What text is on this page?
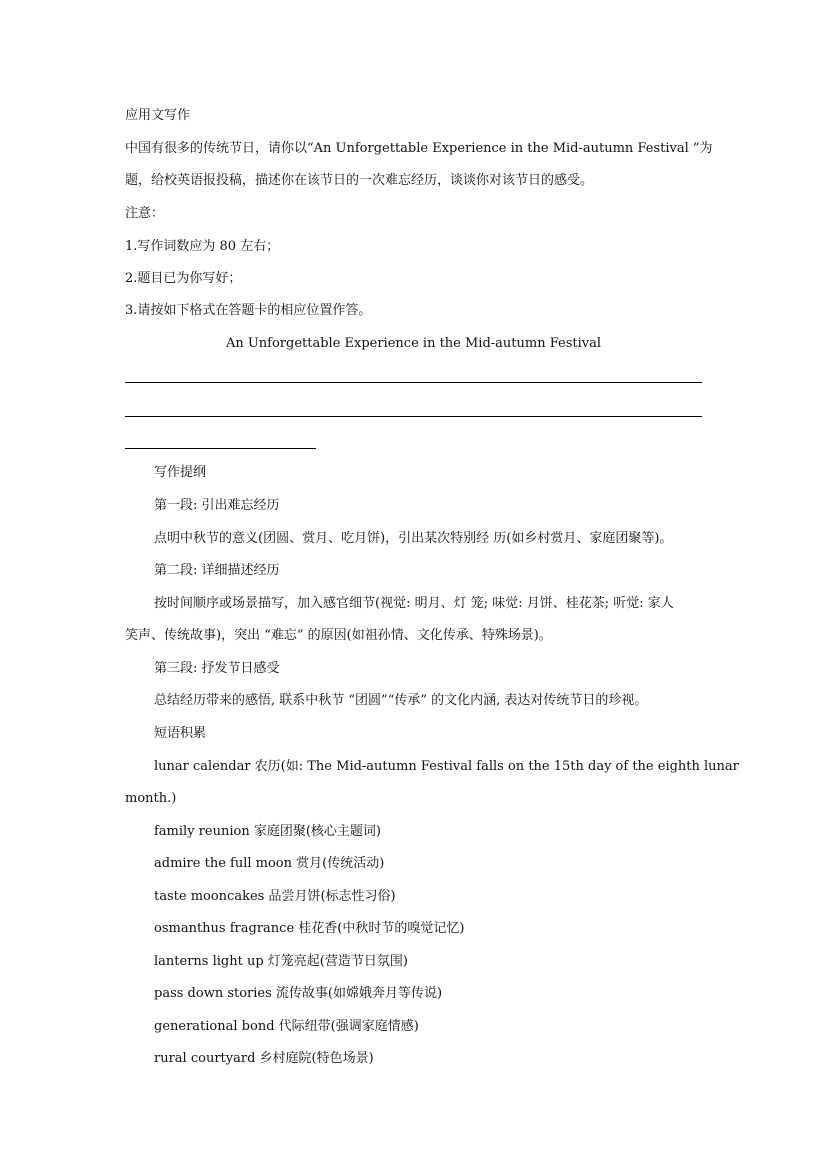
应用文写作
中国有很多的传统节日，请你以“An Unforgettable Experience in the Mid-autumn Festival ”为
题，给校英语报投稿，描述你在该节日的一次难忘经历，谈谈你对该节日的感受。
注意：
1.写作词数应为 80 左右；
2.题目已为你写好；
3.请按如下格式在答题卡的相应位置作答。
An Unforgettable Experience in the Mid-autumn Festival
写作提纲
第一段: 引出难忘经历
点明中秋节的意义(团圆、赏月、吃月饼)，引出某次特别经 历(如乡村赏月、家庭团聚等)。
第二段: 详细描述经历
按时间顺序或场景描写，加入感官细节(视觉: 明月、灯 笼; 味觉: 月饼、桂花茶; 听觉: 家人
笑声、传统故事)，突出 “难忘” 的原因(如祖孙情、文化传承、特殊场景)。
第三段: 抒发节日感受
总结经历带来的感悟, 联系中秋节 “团圆”“传承” 的文化内涵, 表达对传统节日的珍视。
短语积累
lunar calendar 农历(如: The Mid-autumn Festival falls on the 15th day of the eighth lunar
month.)
family reunion 家庭团聚(核心主题词)
admire the full moon 赏月(传统活动)
taste mooncakes 品尝月饼(标志性习俗)
osmanthus fragrance 桂花香(中秋时节的嗅觉记忆)
lanterns light up 灯笼亮起(营造节日氛围)
pass down stories 流传故事(如嫦娥奔月等传说)
generational bond 代际纽带(强调家庭情感)
rural courtyard 乡村庭院(特色场景)
